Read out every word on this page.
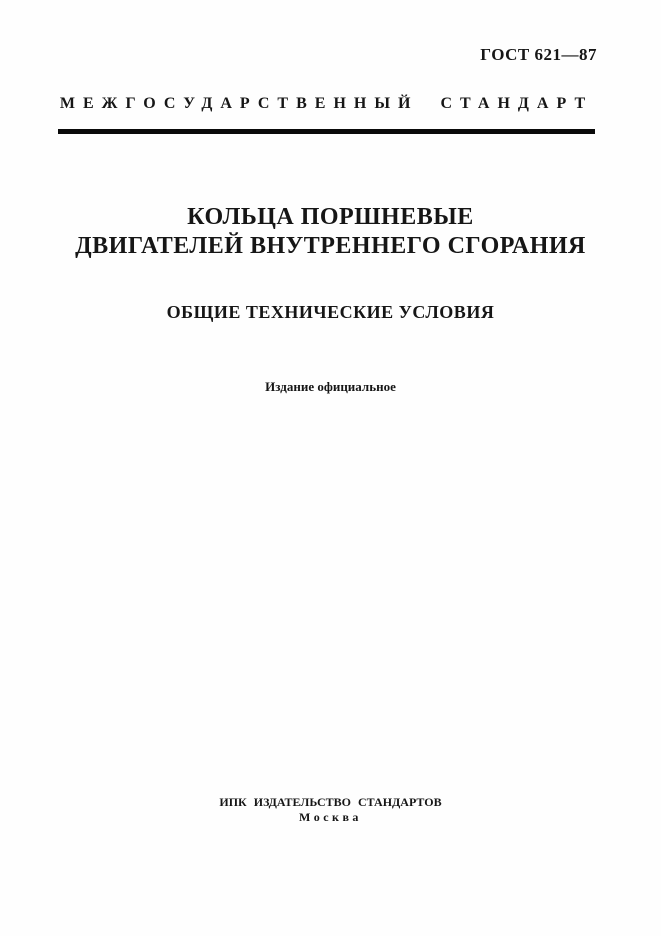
ГОСТ 621—87
МЕЖГОСУДАРСТВЕННЫЙ СТАНДАРТ
КОЛЬЦА ПОРШНЕВЫЕ
ДВИГАТЕЛЕЙ ВНУТРЕННЕГО СГОРАНИЯ
ОБЩИЕ ТЕХНИЧЕСКИЕ УСЛОВИЯ
Издание официальное
ИПК ИЗДАТЕЛЬСТВО СТАНДАРТОВ
Москва
